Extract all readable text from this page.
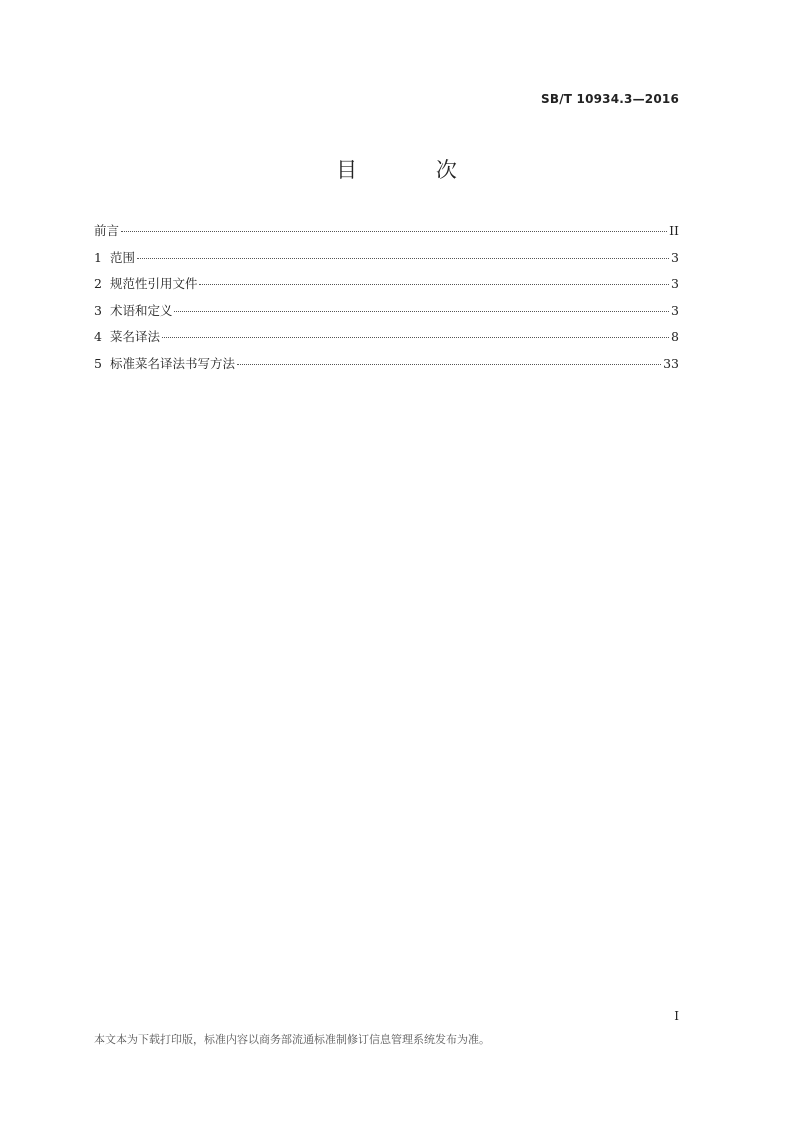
SB/T 10934.3—2016
目 次
前言	II
1 范围	3
2 规范性引用文件	3
3 术语和定义	3
4 菜名译法	8
5 标准菜名译法书写方法	33
I
本文本为下载打印版，标准内容以商务部流通标准制修订信息管理系统发布为准。
